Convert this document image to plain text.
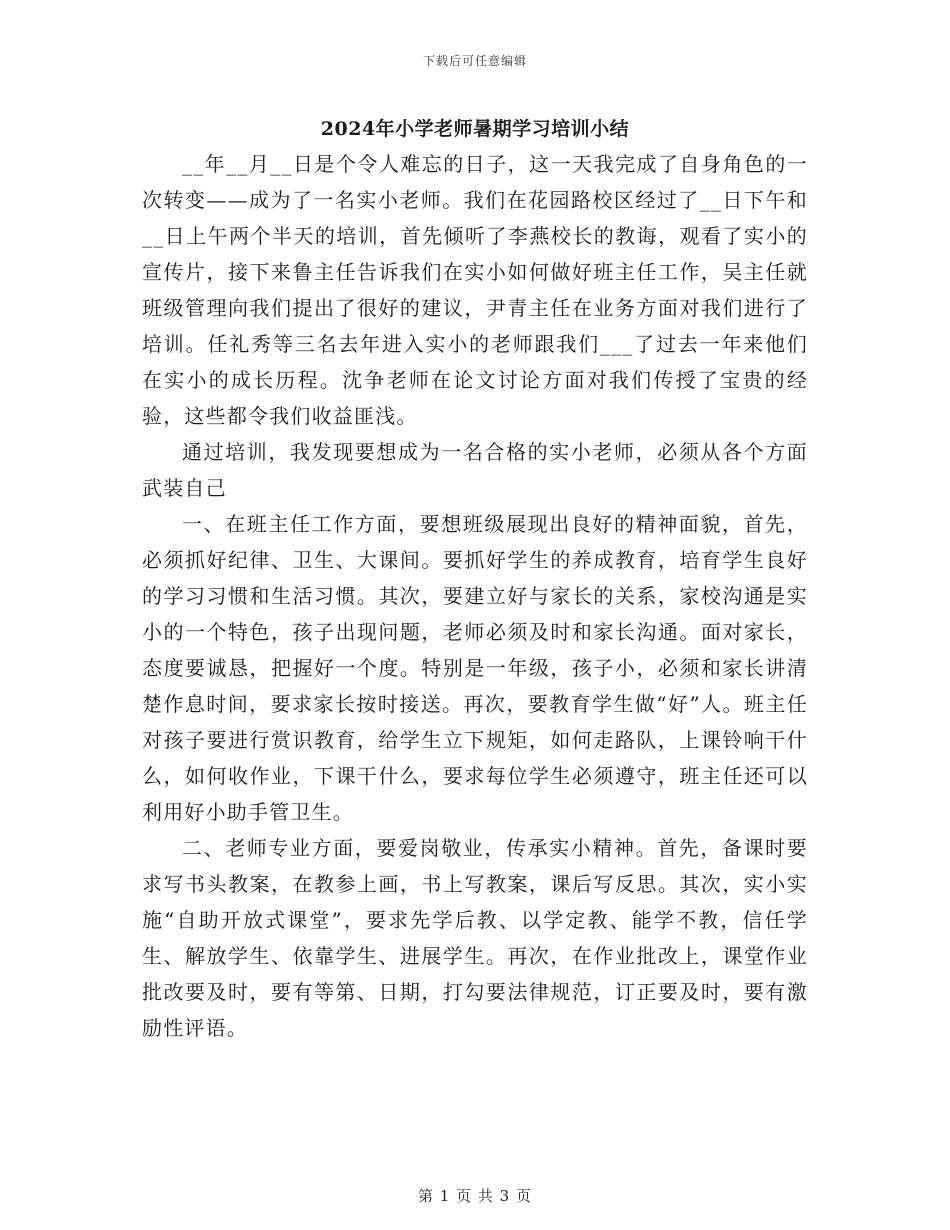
下载后可任意编辑
2024年小学老师暑期学习培训小结

__年__月__日是个令人难忘的日子，这一天我完成了自身角色的一次转变——成为了一名实小老师。我们在花园路校区经过了__日下午和__日上午两个半天的培训，首先倾听了李燕校长的教诲，观看了实小的宣传片，接下来鲁主任告诉我们在实小如何做好班主任工作，吴主任就班级管理向我们提出了很好的建议，尹青主任在业务方面对我们进行了培训。任礼秀等三名去年进入实小的老师跟我们___了过去一年来他们在实小的成长历程。沈争老师在论文讨论方面对我们传授了宝贵的经验，这些都令我们收益匪浅。

通过培训，我发现要想成为一名合格的实小老师，必须从各个方面武装自己

一、在班主任工作方面，要想班级展现出良好的精神面貌，首先，必须抓好纪律、卫生、大课间。要抓好学生的养成教育，培育学生良好的学习习惯和生活习惯。其次，要建立好与家长的关系，家校沟通是实小的一个特色，孩子出现问题，老师必须及时和家长沟通。面对家长，态度要诚恳，把握好一个度。特别是一年级，孩子小，必须和家长讲清楚作息时间，要求家长按时接送。再次，要教育学生做“好”人。班主任对孩子要进行赏识教育，给学生立下规矩，如何走路队，上课铃响干什么，如何收作业，下课干什么，要求每位学生必须遵守，班主任还可以利用好小助手管卫生。

二、老师专业方面，要爱岗敬业，传承实小精神。首先，备课时要求写书头教案，在教参上画，书上写教案，课后写反思。其次，实小实施“自助开放式课堂”，要求先学后教、以学定教、能学不教，信任学生、解放学生、依靠学生、进展学生。再次，在作业批改上，课堂作业批改要及时，要有等第、日期，打勾要法律规范，订正要及时，要有激励性评语。

第 1 页 共 3 页
